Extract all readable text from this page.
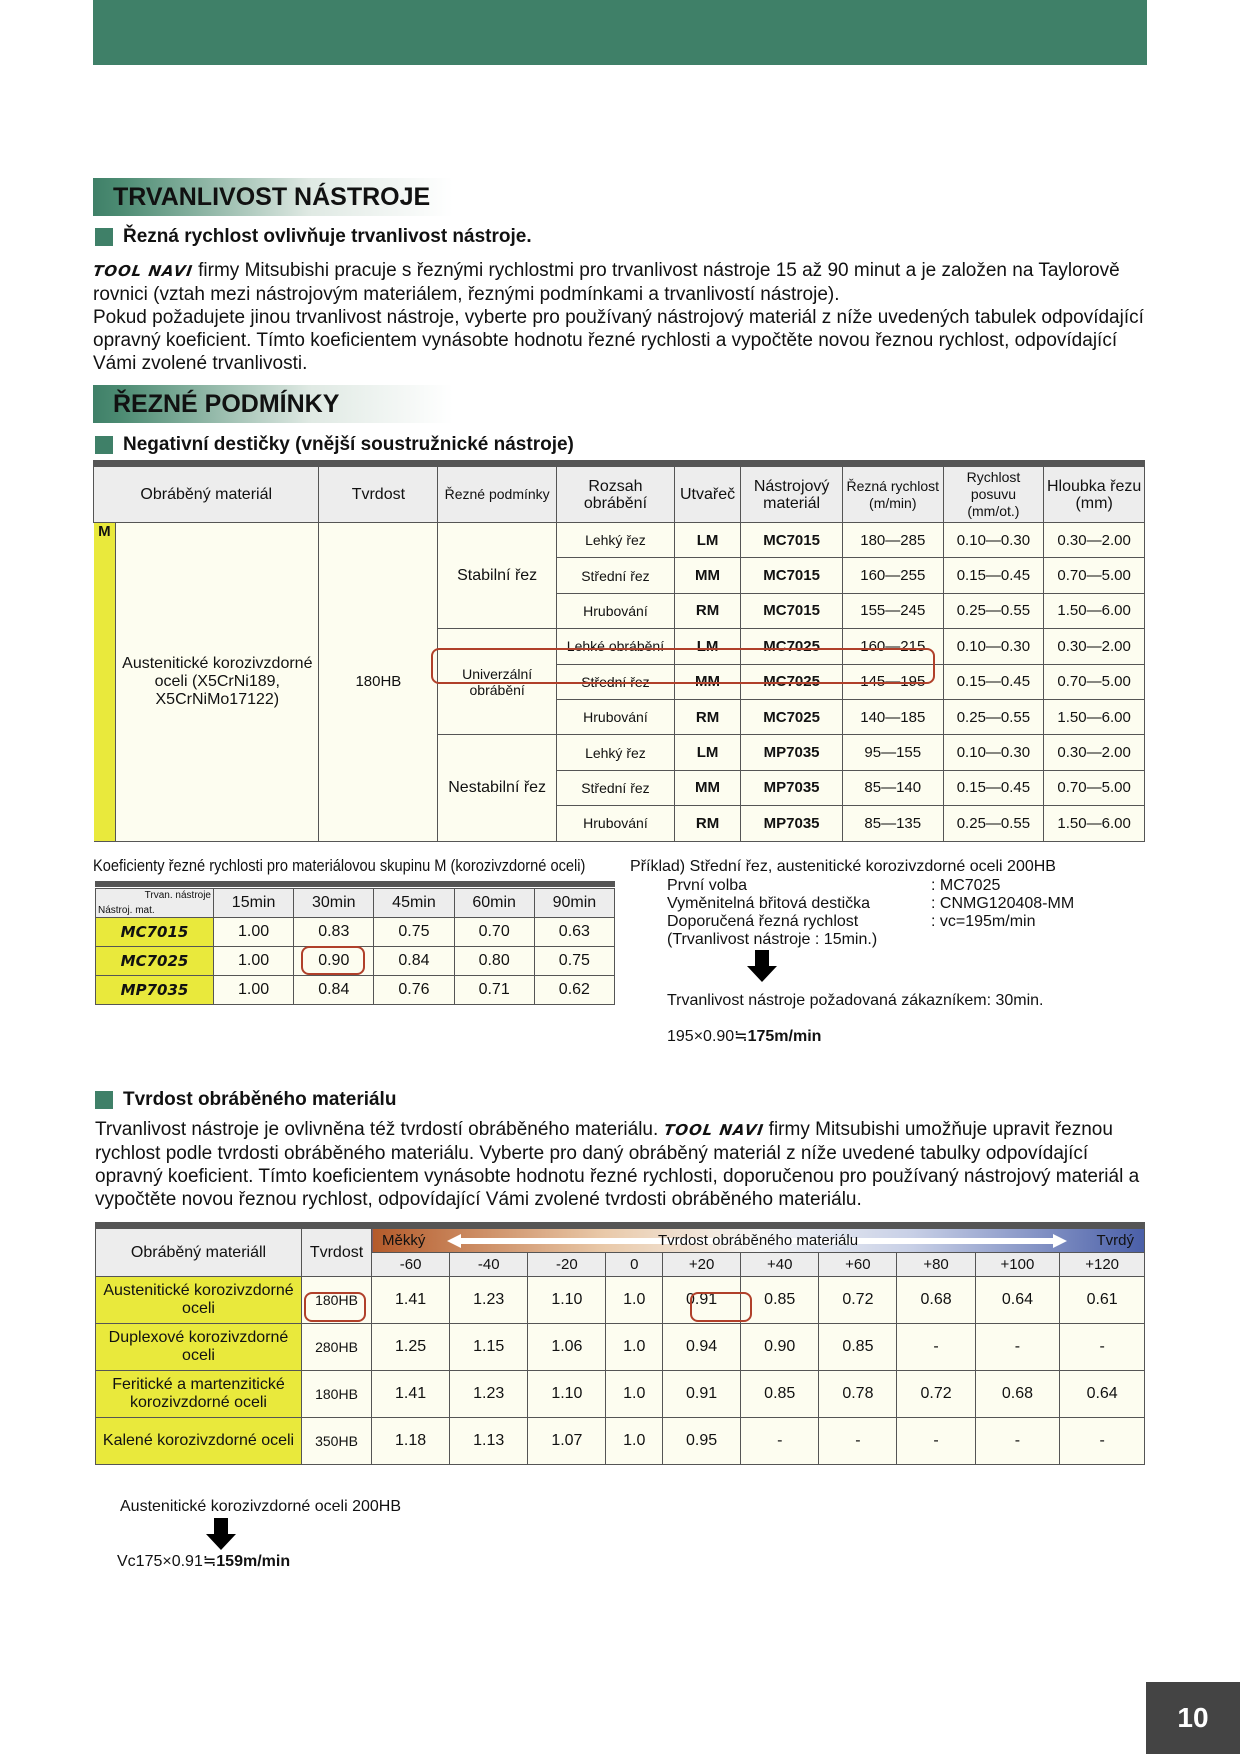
TRVANLIVOST NÁSTROJE
Řezná rychlost ovlivňuje trvanlivost nástroje.
TOOL NAVI firmy Mitsubishi pracuje s řeznými rychlostmi pro trvanlivost nástroje 15 až 90 minut a je založen na Taylorově rovnici (vztah mezi nástrojovým materiálem, řeznými podmínkami a trvanlivostí nástroje).
Pokud požadujete jinou trvanlivost nástroje, vyberte pro používaný nástrojový materiál z níže uvedených tabulek odpovídající opravný koeficient. Tímto koeficientem vynásobte hodnotu řezné rychlosti a vypočtěte novou řeznou rychlost, odpovídající Vámi zvolené trvanlivosti.
ŘEZNÉ PODMÍNKY
Negativní destičky (vnější soustružnické nástroje)
Obráběný materiál		Tvrdost	Řezné podmínky	Rozsah obrábění	Utvařeč	Nástrojový materiál	Řezná rychlost (m/min)	Rychlost posuvu (mm/ot.)	Hloubka řezu (mm)
M	Austenitické korozivzdorné oceli (X5CrNi189, X5CrNiMo17122)	180HB	Stabilní řez	Lehký řez	LM	MC7015	180—285	0.10—0.30	0.30—2.00
				Střední řez	MM	MC7015	160—255	0.15—0.45	0.70—5.00
				Hrubování	RM	MC7015	155—245	0.25—0.55	1.50—6.00
			Univerzální obrábění	Lehké obrábění	LM	MC7025	160—215	0.10—0.30	0.30—2.00
				Střední řez	MM	MC7025	145—195	0.15—0.45	0.70—5.00
				Hrubování	RM	MC7025	140—185	0.25—0.55	1.50—6.00
			Nestabilní řez	Lehký řez	LM	MP7035	95—155	0.10—0.30	0.30—2.00
				Střední řez	MM	MP7035	85—140	0.15—0.45	0.70—5.00
				Hrubování	RM	MP7035	85—135	0.25—0.55	1.50—6.00
Koeficienty řezné rychlosti pro materiálovou skupinu M (korozivzdorné oceli)
Trvan. nástroje
Nástroj. mat.	15min	30min	45min	60min	90min
MC7015	1.00	0.83	0.75	0.70	0.63
MC7025	1.00	0.90	0.84	0.80	0.75
MP7035	1.00	0.84	0.76	0.71	0.62
Příklad) Střední řez, austenitické korozivzdorné oceli 200HB
První volba	: MC7025
Vyměnitelná břitová destička	: CNMG120408-MM
Doporučená řezná rychlost	: vc=195m/min
(Trvanlivost nástroje : 15min.)
Trvanlivost nástroje požadovaná zákazníkem: 30min.
195×0.90≒175m/min
Tvrdost obráběného materiálu
Trvanlivost nástroje je ovlivněna též tvrdostí obráběného materiálu. TOOL NAVI firmy Mitsubishi umožňuje upravit řeznou rychlost podle tvrdosti obráběného materiálu. Vyberte pro daný obráběný materiál z níže uvedené tabulky odpovídající opravný koeficient. Tímto koeficientem vynásobte hodnotu řezné rychlosti, doporučenou pro používaný nástrojový materiál a vypočtěte novou řeznou rychlost, odpovídající Vámi zvolené tvrdosti obráběného materiálu.
Obráběný materiáll	Tvrdost	Měkký Tvrdost obráběného materiálu Tvrdý									

		-60	-40	-20	0	+20	+40	+60	+80	+100	+120
Austenitické korozivzdorné oceli	180HB	1.41	1.23	1.10	1.0	0.91	0.85	0.72	0.68	0.64	0.61
Duplexové korozivzdorné oceli	280HB	1.25	1.15	1.06	1.0	0.94	0.90	0.85	-	-	-
Feritické a martenzitické korozivzdorné oceli	180HB	1.41	1.23	1.10	1.0	0.91	0.85	0.78	0.72	0.68	0.64
Kalené korozivzdorné oceli	350HB	1.18	1.13	1.07	1.0	0.95	-	-	-	-	-
Austenitické korozivzdorné oceli 200HB
Vc175×0.91≒159m/min
10
